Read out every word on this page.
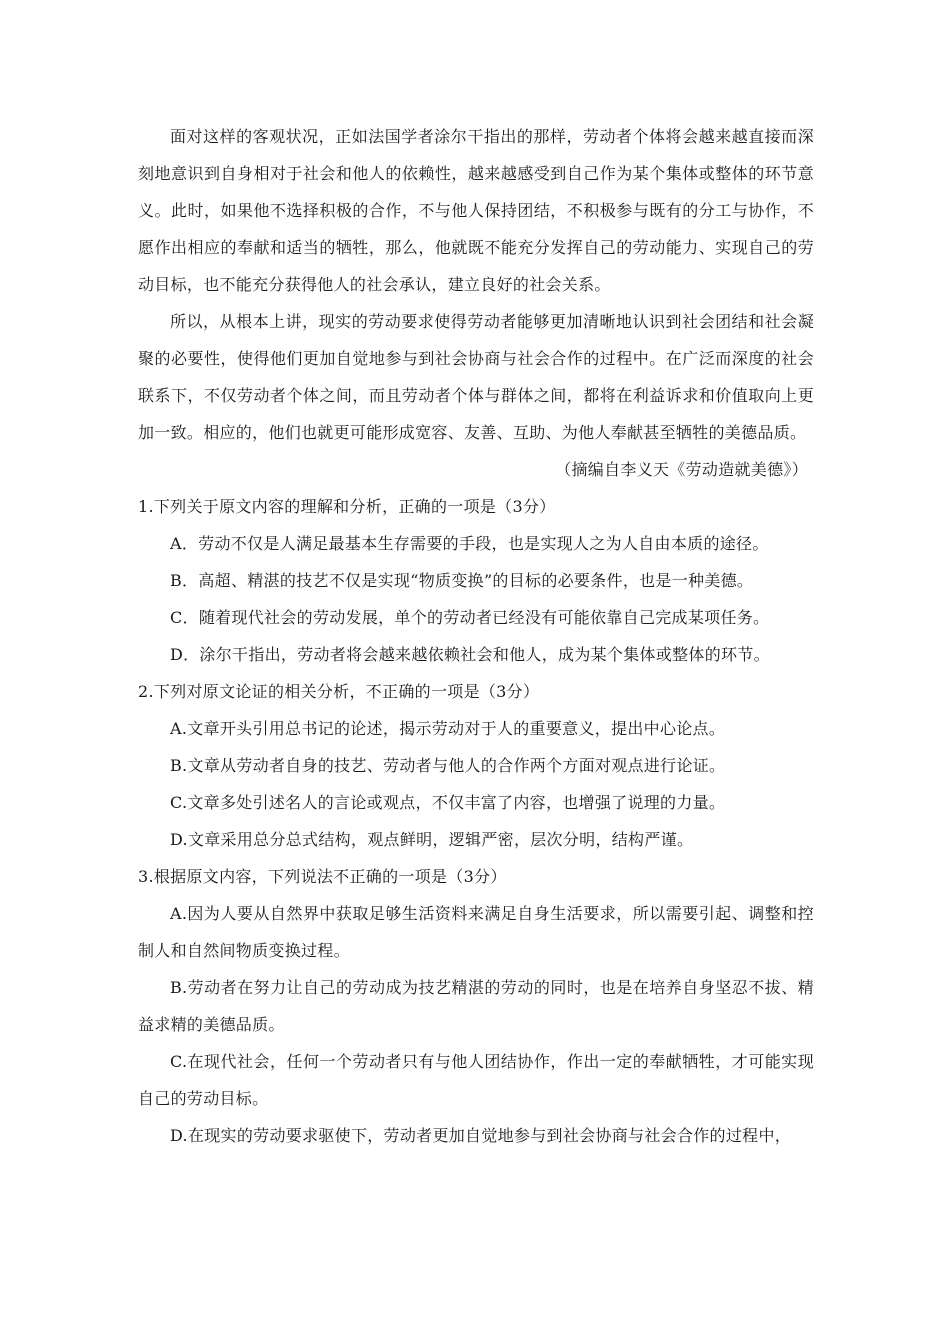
面对这样的客观状况，正如法国学者涂尔干指出的那样，劳动者个体将会越来越直接而深刻地意识到自身相对于社会和他人的依赖性，越来越感受到自己作为某个集体或整体的环节意义。此时，如果他不选择积极的合作，不与他人保持团结，不积极参与既有的分工与协作，不愿作出相应的奉献和适当的牺牲，那么，他就既不能充分发挥自己的劳动能力、实现自己的劳动目标，也不能充分获得他人的社会承认，建立良好的社会关系。

所以，从根本上讲，现实的劳动要求使得劳动者能够更加清晰地认识到社会团结和社会凝聚的必要性，使得他们更加自觉地参与到社会协商与社会合作的过程中。在广泛而深度的社会联系下，不仅劳动者个体之间，而且劳动者个体与群体之间，都将在利益诉求和价值取向上更加一致。相应的，他们也就更可能形成宽容、友善、互助、为他人奉献甚至牺牲的美德品质。

（摘编自李义天《劳动造就美德》）

1.下列关于原文内容的理解和分析，正确的一项是（3分）

A．劳动不仅是人满足最基本生存需要的手段，也是实现人之为人自由本质的途径。

B．高超、精湛的技艺不仅是实现“物质变换”的目标的必要条件，也是一种美德。

C．随着现代社会的劳动发展，单个的劳动者已经没有可能依靠自己完成某项任务。

D．涂尔干指出，劳动者将会越来越依赖社会和他人，成为某个集体或整体的环节。

2.下列对原文论证的相关分析，不正确的一项是（3分）

A.文章开头引用总书记的论述，揭示劳动对于人的重要意义，提出中心论点。

B.文章从劳动者自身的技艺、劳动者与他人的合作两个方面对观点进行论证。

C.文章多处引述名人的言论或观点，不仅丰富了内容，也增强了说理的力量。

D.文章采用总分总式结构，观点鲜明，逻辑严密，层次分明，结构严谨。

3.根据原文内容，下列说法不正确的一项是（3分）

A.因为人要从自然界中获取足够生活资料来满足自身生活要求，所以需要引起、调整和控制人和自然间物质变换过程。

B.劳动者在努力让自己的劳动成为技艺精湛的劳动的同时，也是在培养自身坚忍不拔、精益求精的美德品质。

C.在现代社会，任何一个劳动者只有与他人团结协作，作出一定的奉献牺牲，才可能实现自己的劳动目标。

D.在现实的劳动要求驱使下，劳动者更加自觉地参与到社会协商与社会合作的过程中，
